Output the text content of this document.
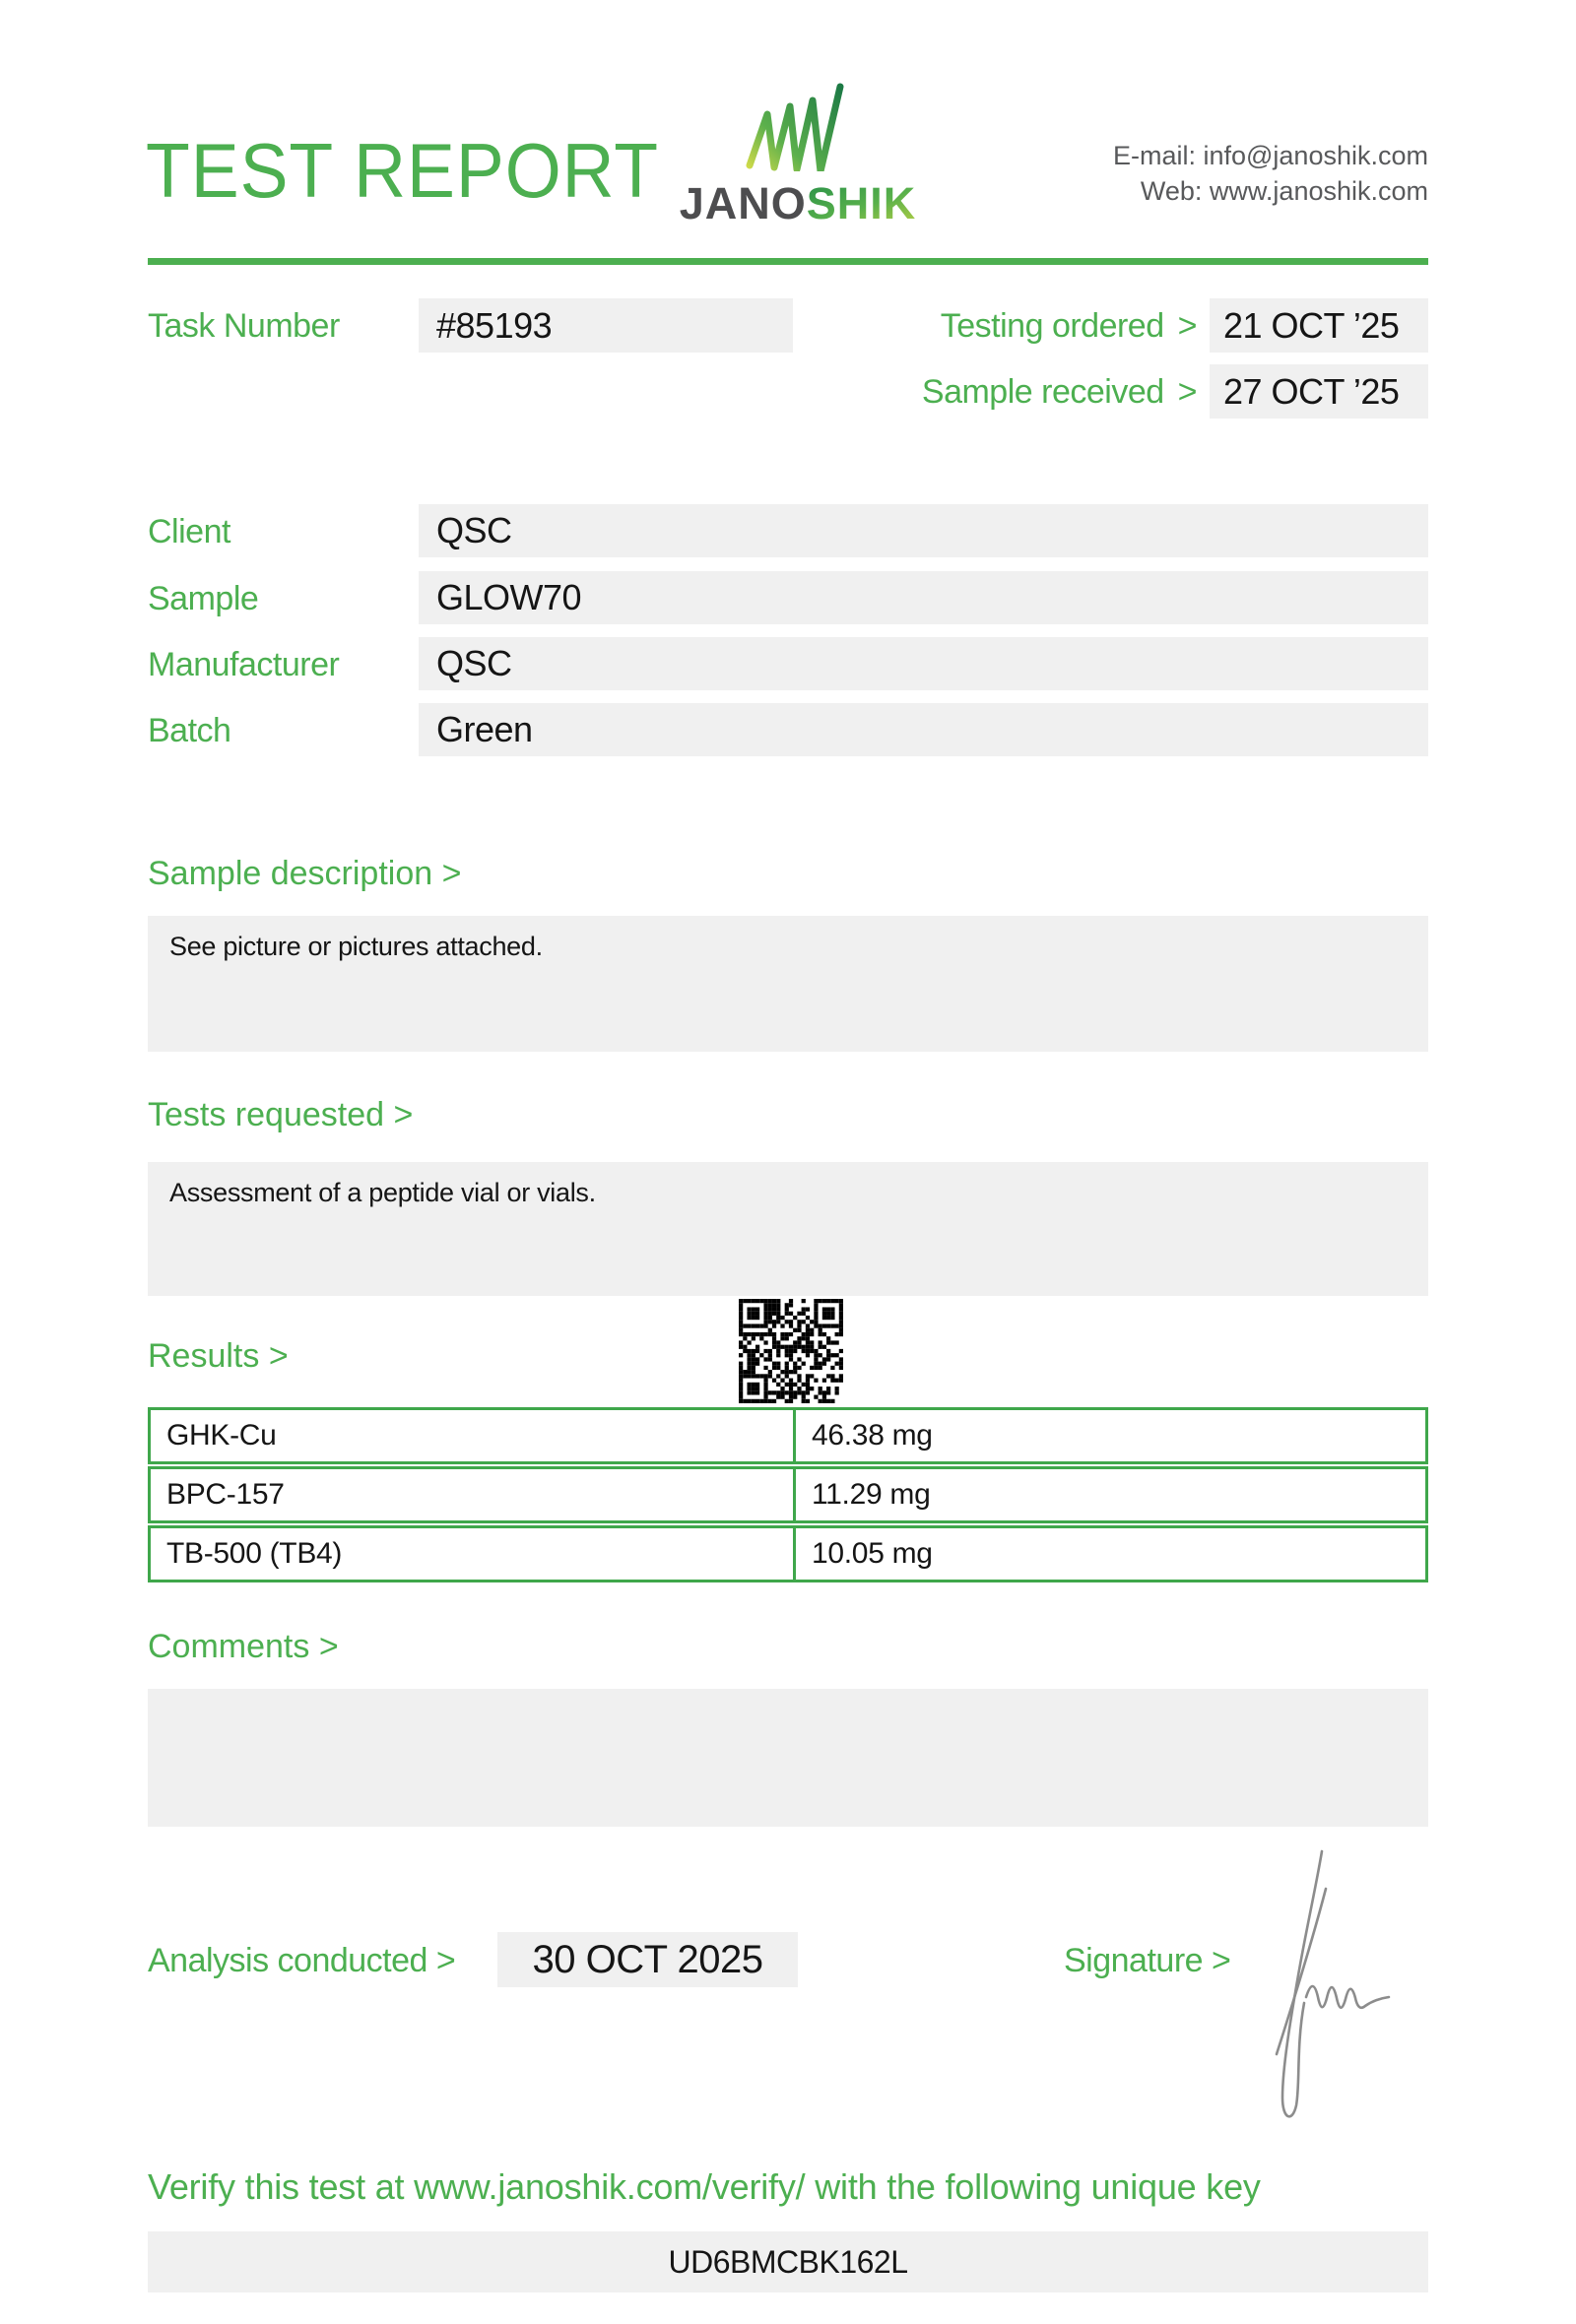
TEST REPORT JANOSHIK
E-mail: info@janoshik.com
Web: www.janoshik.com
Task Number	#85193	Testing ordered > 21 OCT ’25
Sample received > 27 OCT ’25
Client	QSC
Sample	GLOW70
Manufacturer	QSC
Batch	Green
Sample description >
See picture or pictures attached.
Tests requested >
Assessment of a peptide vial or vials.
Results >
GHK-Cu	46.38 mg
BPC-157	11.29 mg
TB-500 (TB4)	10.05 mg
Comments >
Analysis conducted >	30 OCT 2025	Signature >
Verify this test at www.janoshik.com/verify/ with the following unique key
UD6BMCBK162L
